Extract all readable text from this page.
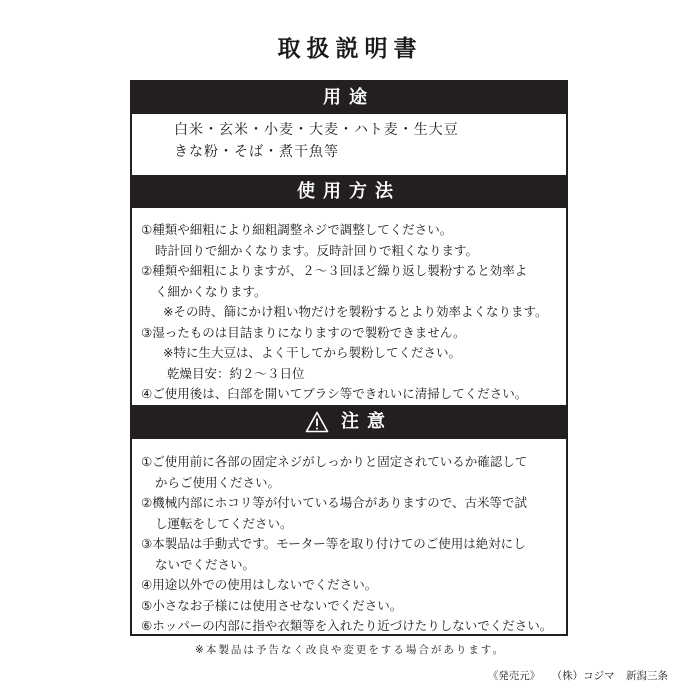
取扱説明書
用途
白米・玄米・小麦・大麦・ハト麦・生大豆
きな粉・そば・煮干魚等
使用方法
①種類や細粗により細粗調整ネジで調整してください。
時計回りで細かくなります。反時計回りで粗くなります。
②種類や細粗によりますが、２～３回ほど繰り返し製粉すると効率よ
く細かくなります。
※その時、篩にかけ粗い物だけを製粉するとより効率よくなります。
③湿ったものは目詰まりになりますので製粉できません。
※特に生大豆は、よく干してから製粉してください。
乾燥目安：約２～３日位
④ご使用後は、臼部を開いてブラシ等できれいに清掃してください。
注意
①ご使用前に各部の固定ネジがしっかりと固定されているか確認して
からご使用ください。
②機械内部にホコリ等が付いている場合がありますので、古米等で試
し運転をしてください。
③本製品は手動式です。モーター等を取り付けてのご使用は絶対にし
ないでください。
④用途以外での使用はしないでください。
⑤小さなお子様には使用させないでください。
⑥ホッパーの内部に指や衣類等を入れたり近づけたりしないでください。
※本製品は予告なく改良や変更をする場合があります。
《発売元》 （株）コジマ 新潟三条
